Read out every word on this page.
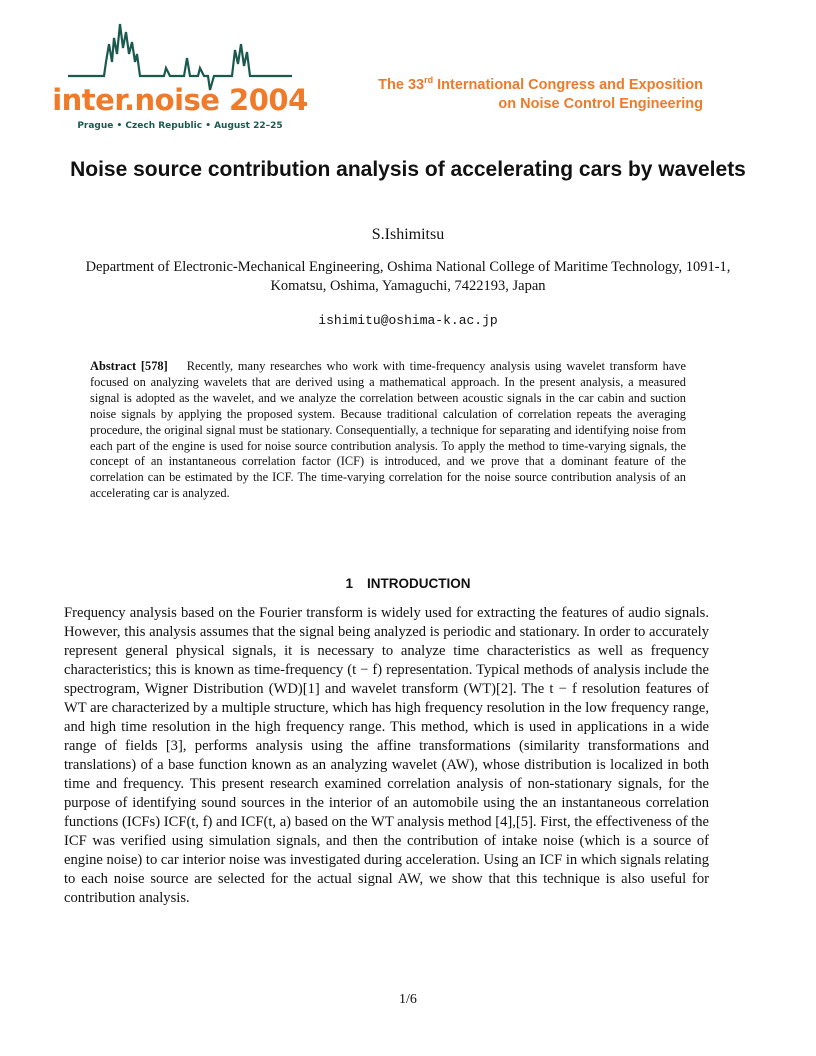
inter.noise 2004
Prague • Czech Republic • August 22–25
The 33rd International Congress and Exposition
on Noise Control Engineering
Noise source contribution analysis of accelerating cars by wavelets
S.Ishimitsu
Department of Electronic-Mechanical Engineering, Oshima National College of Maritime Technology, 1091-1, Komatsu, Oshima, Yamaguchi, 7422193, Japan
ishimitu@oshima-k.ac.jp
Abstract [578] Recently, many researches who work with time-frequency analysis using wavelet transform have focused on analyzing wavelets that are derived using a mathematical approach. In the present analysis, a measured signal is adopted as the wavelet, and we analyze the correlation between acoustic signals in the car cabin and suction noise signals by applying the proposed system. Because traditional calculation of correlation repeats the averaging procedure, the original signal must be stationary. Consequentially, a technique for separating and identifying noise from each part of the engine is used for noise source contribution analysis. To apply the method to time-varying signals, the concept of an instantaneous correlation factor (ICF) is introduced, and we prove that a dominant feature of the correlation can be estimated by the ICF. The time-varying correlation for the noise source contribution analysis of an accelerating car is analyzed.
1 INTRODUCTION
Frequency analysis based on the Fourier transform is widely used for extracting the features of audio signals. However, this analysis assumes that the signal being analyzed is periodic and stationary. In order to accurately represent general physical signals, it is necessary to analyze time characteristics as well as frequency characteristics; this is known as time-frequency (t − f) representation. Typical methods of analysis include the spectrogram, Wigner Distribution (WD)[1] and wavelet transform (WT)[2]. The t − f resolution features of WT are characterized by a multiple structure, which has high frequency resolution in the low frequency range, and high time resolution in the high frequency range. This method, which is used in applications in a wide range of fields [3], performs analysis using the affine transformations (similarity transformations and translations) of a base function known as an analyzing wavelet (AW), whose distribution is localized in both time and frequency. This present research examined correlation analysis of non-stationary signals, for the purpose of identifying sound sources in the interior of an automobile using the an instantaneous correlation functions (ICFs) ICF(t, f) and ICF(t, a) based on the WT analysis method [4],[5]. First, the effectiveness of the ICF was verified using simulation signals, and then the contribution of intake noise (which is a source of engine noise) to car interior noise was investigated during acceleration. Using an ICF in which signals relating to each noise source are selected for the actual signal AW, we show that this technique is also useful for contribution analysis.
1/6
